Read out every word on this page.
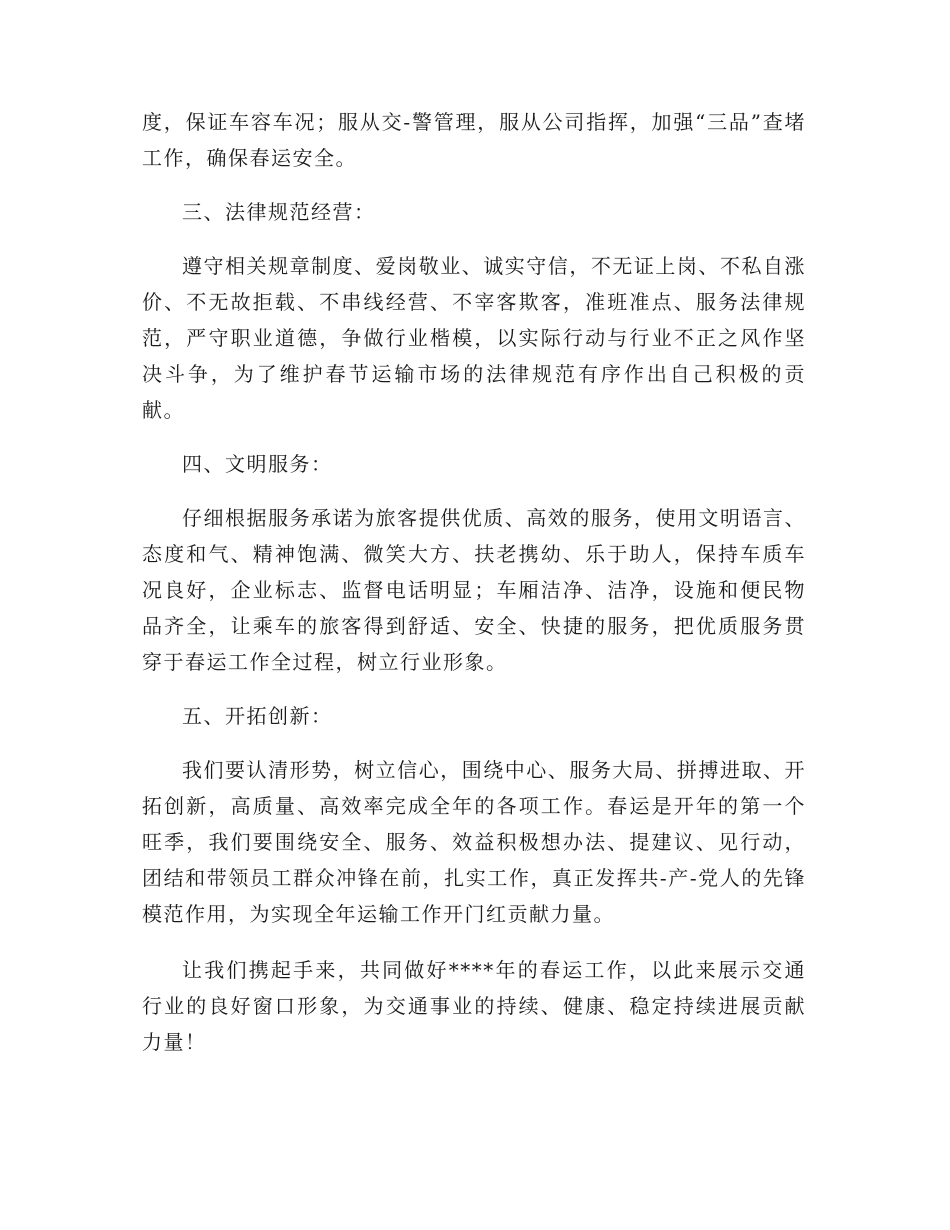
度，保证车容车况；服从交-警管理，服从公司指挥，加强“三品”查堵工作，确保春运安全。

三、法律规范经营：

遵守相关规章制度、爱岗敬业、诚实守信，不无证上岗、不私自涨价、不无故拒载、不串线经营、不宰客欺客，准班准点、服务法律规范，严守职业道德，争做行业楷模，以实际行动与行业不正之风作坚决斗争，为了维护春节运输市场的法律规范有序作出自己积极的贡献。

四、文明服务：

仔细根据服务承诺为旅客提供优质、高效的服务，使用文明语言、态度和气、精神饱满、微笑大方、扶老携幼、乐于助人，保持车质车况良好，企业标志、监督电话明显；车厢洁净、洁净，设施和便民物品齐全，让乘车的旅客得到舒适、安全、快捷的服务，把优质服务贯穿于春运工作全过程，树立行业形象。

五、开拓创新：

我们要认清形势，树立信心，围绕中心、服务大局、拼搏进取、开拓创新，高质量、高效率完成全年的各项工作。春运是开年的第一个旺季，我们要围绕安全、服务、效益积极想办法、提建议、见行动，团结和带领员工群众冲锋在前，扎实工作，真正发挥共-产-党人的先锋模范作用，为实现全年运输工作开门红贡献力量。

让我们携起手来，共同做好****年的春运工作，以此来展示交通行业的良好窗口形象，为交通事业的持续、健康、稳定持续进展贡献力量！
